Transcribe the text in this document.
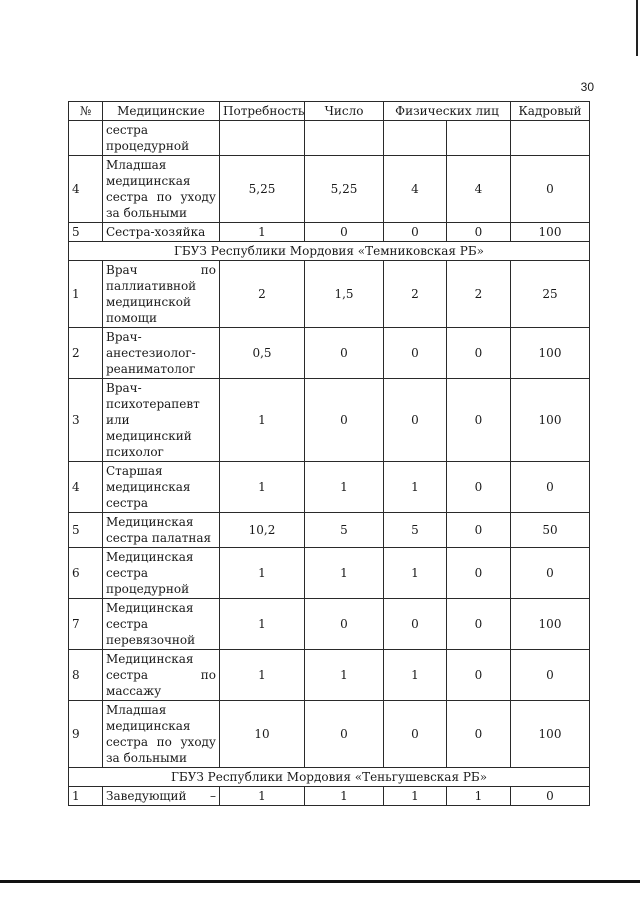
30
№	Медицинские	Потребность	Число	Физических лиц		Кадровый

	сестра
процедурной					

4	Младшая
медицинская
сестра по уходу
за больными	5,25	5,25	4	4	0
5	Сестра-хозяйка	1	0	0	0	100
ГБУЗ Республики Мордовия «Темниковская РБ»						
1	Врач по
паллиативной
медицинской
помощи	2	1,5	2	2	25
2	Врач-
анестезиолог-
реаниматолог	0,5	0	0	0	100
3	Врач-
психотерапевт
или
медицинский
психолог	1	0	0	0	100
4	Старшая
медицинская
сестра	1	1	1	0	0
5	Медицинская
сестра палатная	10,2	5	5	0	50
6	Медицинская
сестра
процедурной	1	1	1	0	0
7	Медицинская
сестра
перевязочной	1	0	0	0	100
8	Медицинская
сестра по
массажу	1	1	1	0	0
9	Младшая
медицинская
сестра по уходу
за больными	10	0	0	0	100
ГБУЗ Республики Мордовия «Теньгушевская РБ»						
1	Заведующий –	1	1	1	1	0
